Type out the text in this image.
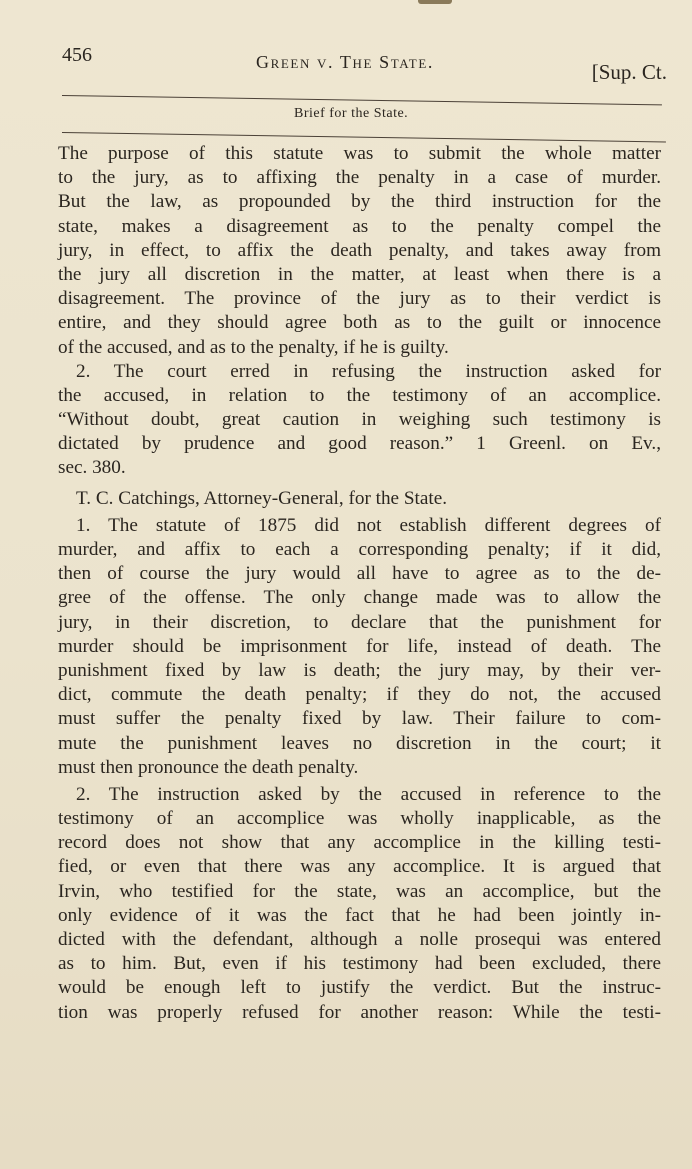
456	Green v. The State.	[Sup. Ct.
Brief for the State.
The purpose of this statute was to submit the whole matter
to the jury, as to affixing the penalty in a case of murder.
But the law, as propounded by the third instruction for the
state, makes a disagreement as to the penalty compel the
jury, in effect, to affix the death penalty, and takes away from
the jury all discretion in the matter, at least when there is a
disagreement. The province of the jury as to their verdict is
entire, and they should agree both as to the guilt or innocence
of the accused, and as to the penalty, if he is guilty.
2. The court erred in refusing the instruction asked for
the accused, in relation to the testimony of an accomplice.
“Without doubt, great caution in weighing such testimony is
dictated by prudence and good reason.” 1 Greenl. on Ev.,
sec. 380.
T. C. Catchings, Attorney-General, for the State.
1. The statute of 1875 did not establish different degrees of
murder, and affix to each a corresponding penalty; if it did,
then of course the jury would all have to agree as to the de-
gree of the offense. The only change made was to allow the
jury, in their discretion, to declare that the punishment for
murder should be imprisonment for life, instead of death. The
punishment fixed by law is death; the jury may, by their ver-
dict, commute the death penalty; if they do not, the accused
must suffer the penalty fixed by law. Their failure to com-
mute the punishment leaves no discretion in the court; it
must then pronounce the death penalty.
2. The instruction asked by the accused in reference to the
testimony of an accomplice was wholly inapplicable, as the
record does not show that any accomplice in the killing testi-
fied, or even that there was any accomplice. It is argued that
Irvin, who testified for the state, was an accomplice, but the
only evidence of it was the fact that he had been jointly in-
dicted with the defendant, although a nolle prosequi was entered
as to him. But, even if his testimony had been excluded, there
would be enough left to justify the verdict. But the instruc-
tion was properly refused for another reason: While the testi-
